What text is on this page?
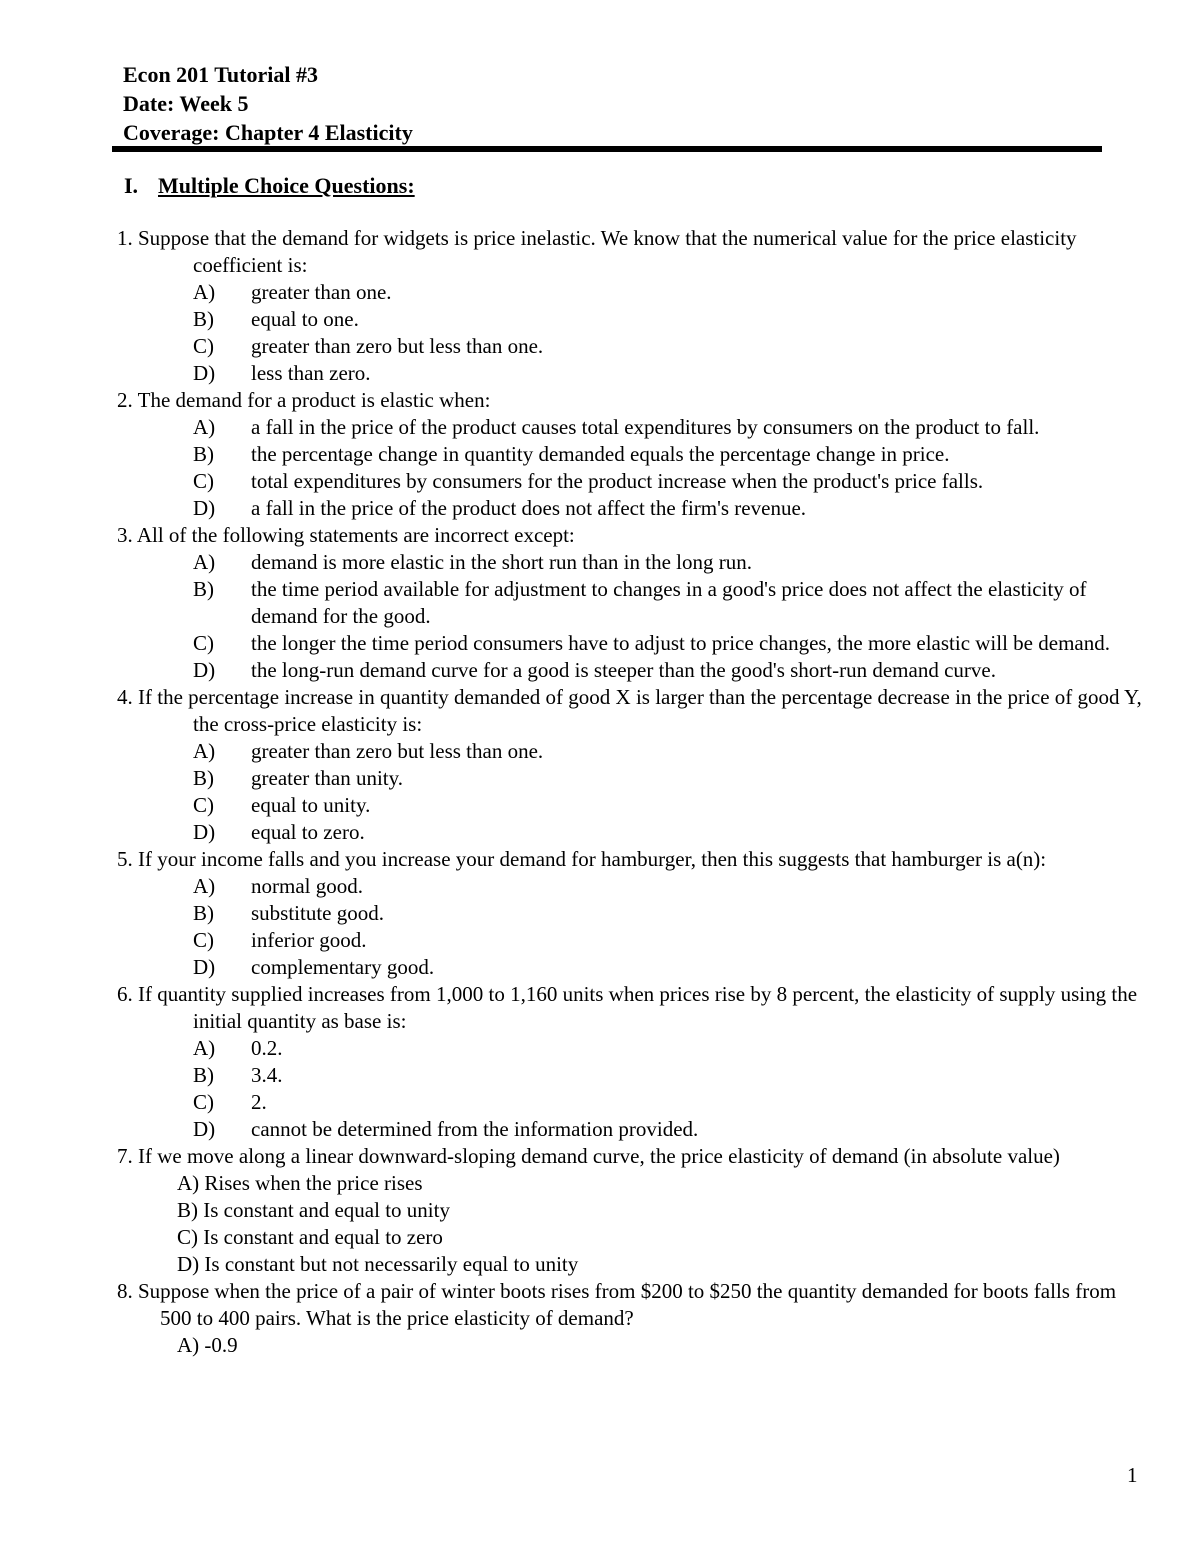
Econ 201 Tutorial #3
Date: Week 5
Coverage: Chapter 4 Elasticity
I. Multiple Choice Questions:
1. Suppose that the demand for widgets is price inelastic. We know that the numerical value for the price elasticity coefficient is:
A) greater than one.
B) equal to one.
C) greater than zero but less than one.
D) less than zero.
2. The demand for a product is elastic when:
A) a fall in the price of the product causes total expenditures by consumers on the product to fall.
B) the percentage change in quantity demanded equals the percentage change in price.
C) total expenditures by consumers for the product increase when the product's price falls.
D) a fall in the price of the product does not affect the firm's revenue.
3. All of the following statements are incorrect except:
A) demand is more elastic in the short run than in the long run.
B) the time period available for adjustment to changes in a good's price does not affect the elasticity of demand for the good.
C) the longer the time period consumers have to adjust to price changes, the more elastic will be demand.
D) the long-run demand curve for a good is steeper than the good's short-run demand curve.
4. If the percentage increase in quantity demanded of good X is larger than the percentage decrease in the price of good Y, the cross-price elasticity is:
A) greater than zero but less than one.
B) greater than unity.
C) equal to unity.
D) equal to zero.
5. If your income falls and you increase your demand for hamburger, then this suggests that hamburger is a(n):
A) normal good.
B) substitute good.
C) inferior good.
D) complementary good.
6. If quantity supplied increases from 1,000 to 1,160 units when prices rise by 8 percent, the elasticity of supply using the initial quantity as base is:
A) 0.2.
B) 3.4.
C) 2.
D) cannot be determined from the information provided.
7. If we move along a linear downward-sloping demand curve, the price elasticity of demand (in absolute value)
A) Rises when the price rises
B) Is constant and equal to unity
C) Is constant and equal to zero
D) Is constant but not necessarily equal to unity
8. Suppose when the price of a pair of winter boots rises from $200 to $250 the quantity demanded for boots falls from 500 to 400 pairs. What is the price elasticity of demand?
A) -0.9
1
